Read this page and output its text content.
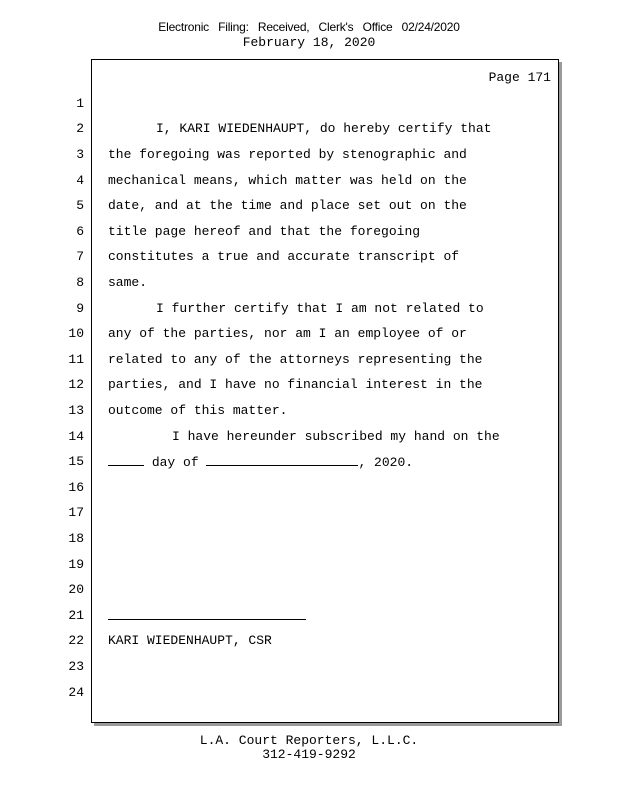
Electronic Filing: Received, Clerk's Office 02/24/2020
February 18, 2020
Page 171
1
2
3
4
5
6
7
8
9
10
11
12
13
14
15
16
17
18
19
20
21
22
23
24
I, KARI WIEDENHAUPT, do hereby certify that
the foregoing was reported by stenographic and
mechanical means, which matter was held on the
date, and at the time and place set out on the
title page hereof and that the foregoing
constitutes a true and accurate transcript of
same.
I further certify that I am not related to
any of the parties, nor am I an employee of or
related to any of the attorneys representing the
parties, and I have no financial interest in the
outcome of this matter.
I have hereunder subscribed my hand on the
day of	, 2020.
KARI WIEDENHAUPT, CSR
L.A. Court Reporters, L.L.C.
312-419-9292
